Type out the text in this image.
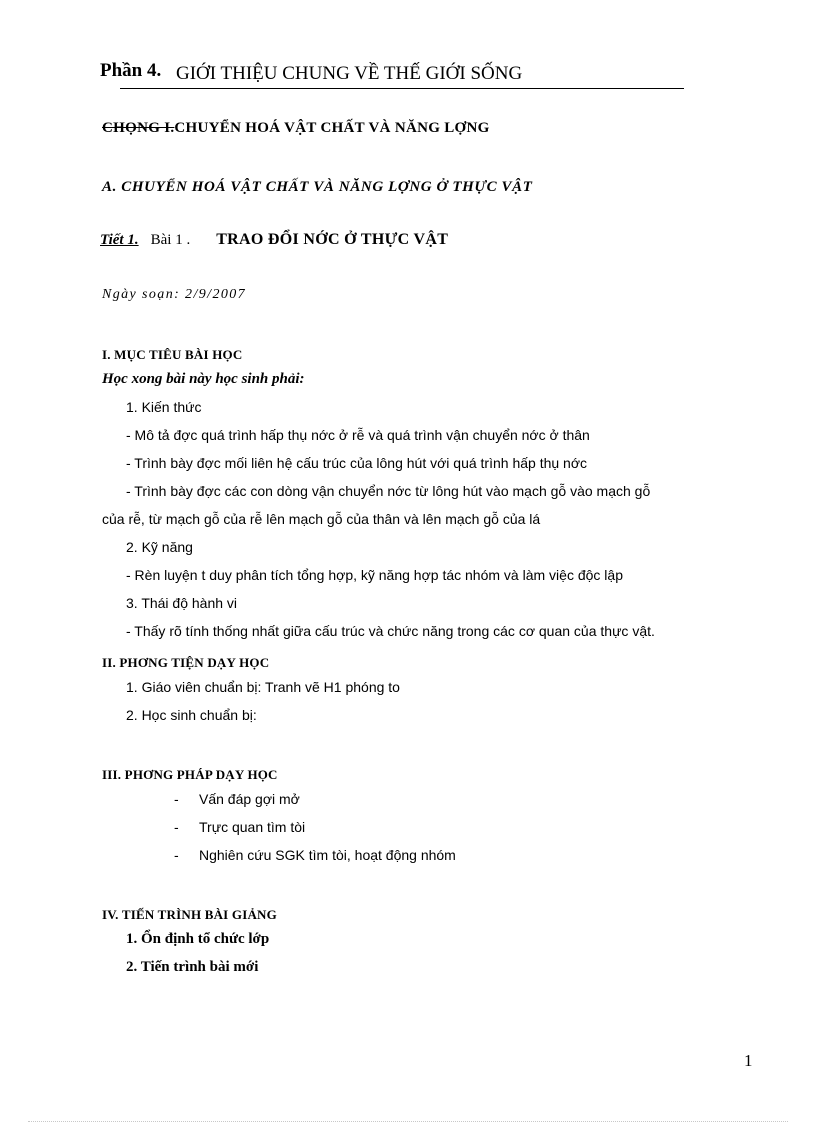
Phần 4. GIỚI THIỆU CHUNG VỀ THẾ GIỚI SỐNG
CHỌNG I.CHUYỂN HOÁ VẬT CHẤT VÀ NĂNG LỢNG
A. CHUYỂN HOÁ VẬT CHẤT VÀ NĂNG LỢNG Ở THỰC VẬT
Tiết 1. Bài 1 . TRAO ĐỔI NỚC Ở THỰC VẬT
Ngày soạn: 2/9/2007
I. MỤC TIÊU BÀI HỌC
Học xong bài này học sinh phải:
1. Kiến thức
- Mô tả đợc quá trình hấp thụ nớc ở rễ và quá trình vận chuyển nớc ở thân
- Trình bày đợc mối liên hệ cấu trúc của lông hút với quá trình hấp thụ nớc
- Trình bày đợc các con dòng vận chuyển nớc từ lông hút vào mạch gỗ vào mạch gỗ
của rễ, từ mạch gỗ của rễ lên mạch gỗ của thân và lên mạch gỗ của lá
2. Kỹ năng
- Rèn luyện t duy phân tích tổng hợp, kỹ năng hợp tác nhóm và làm việc độc lập
3. Thái độ hành vi
- Thấy rõ tính thống nhất giữa cấu trúc và chức năng trong các cơ quan của thực vật.
II. PHƠNG TIỆN DẠY HỌC
1. Giáo viên chuẩn bị: Tranh vẽ H1 phóng to
2. Học sinh chuẩn bị:
III. PHƠNG PHÁP DẠY HỌC
- Vấn đáp gợi mở
- Trực quan tìm tòi
- Nghiên cứu SGK tìm tòi, hoạt động nhóm
IV. TIẾN TRÌNH BÀI GIẢNG
1. Ổn định tổ chức lớp
2. Tiến trình bài mới
1
